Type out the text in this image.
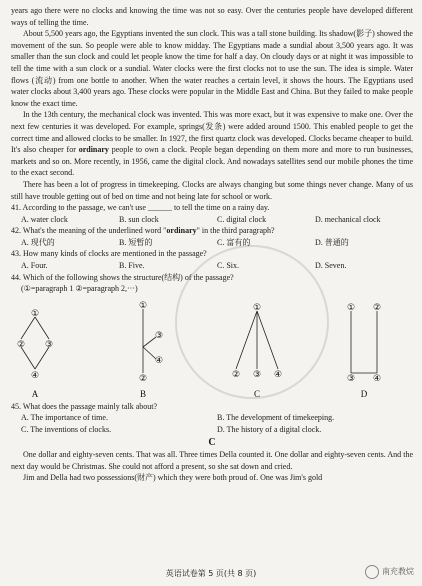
years ago there were no clocks and knowing the time was not so easy. Over the centuries people have developed different ways of telling the time.

About 5,500 years ago, the Egyptians invented the sun clock. This was a tall stone building. Its shadow(影子) showed the movement of the sun. So people were able to know midday. The Egyptians made a sundial about 3,500 years ago. It was smaller than the sun clock and could let people know the time for half a day. On cloudy days or at night it was impossible to tell the time with a sun clock or a sundial. Water clocks were the first clocks not to use the sun. The idea is simple. Water flows (流动) from one bottle to another. When the water reaches a certain level, it shows the hours. The Egyptians used water clocks about 3,400 years ago. These clocks were popular in the Middle East and China. But they failed to make people know the exact time.

In the 13th century, the mechanical clock was invented. This was more exact, but it was expensive to make one. Over the next few centuries it was developed. For example, springs(发条) were added around 1500. This enabled people to get the correct time and allowed clocks to be smaller. In 1927, the first quartz clock was developed. Clocks became cheaper to build. It's also cheaper for ordinary people to own a clock. People began depending on them more and more to run businesses, markets and so on. More recently, in 1956, came the digital clock. And nowadays satellites send our mobile phones the time to the exact second.

There has been a lot of progress in timekeeping. Clocks are always changing but some things never change. Many of us still have trouble getting out of bed on time and not being late for school or work.

41. According to the passage, we can't use ______ to tell the time on a rainy day.

A. water clock	B. sun clock	C. digital clock	D. mechanical clock

42. What's the meaning of the underlined word "ordinary" in the third paragraph?

A. 现代的	B. 短暂的	C. 富有的	D. 普通的

43. How many kinds of clocks are mentioned in the passage?

A. Four.	B. Five.	C. Six.	D. Seven.

44. Which of the following shows the structure(结构) of the passage?

(①=paragraph 1 ②=paragraph 2,···)

①
② ③
④
①
③
④
②
①
② ③ ④
① ②
③ ④
A	B	C	D

45. What does the passage mainly talk about?

A. The importance of time.	B. The development of timekeeping.
C. The inventions of clocks.	D. The history of a digital clock.
C

One dollar and eighty-seven cents. That was all. Three times Della counted it. One dollar and eighty-seven cents. And the next day would be Christmas. She could not afford a present, so she sat down and cried.

Jim and Della had two possessions(财产) which they were both proud of. One was Jim's gold

英语试卷第 5 页(共 8 页)	南充教烷
